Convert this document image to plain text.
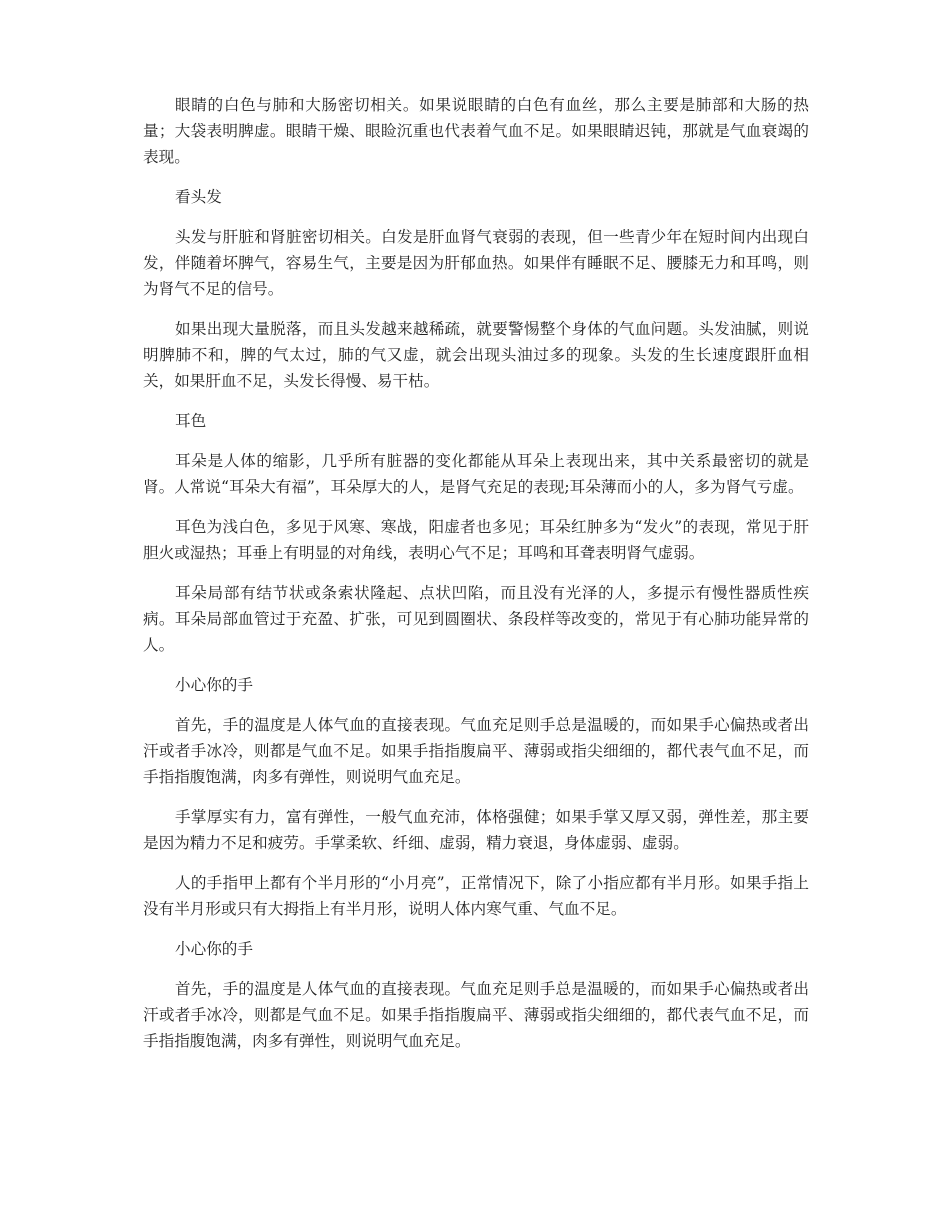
眼睛的白色与肺和大肠密切相关。如果说眼睛的白色有血丝，那么主要是肺部和大肠的热量；大袋表明脾虚。眼睛干燥、眼睑沉重也代表着气血不足。如果眼睛迟钝，那就是气血衰竭的表现。

看头发

头发与肝脏和肾脏密切相关。白发是肝血肾气衰弱的表现，但一些青少年在短时间内出现白发，伴随着坏脾气，容易生气，主要是因为肝郁血热。如果伴有睡眠不足、腰膝无力和耳鸣，则为肾气不足的信号。

如果出现大量脱落，而且头发越来越稀疏，就要警惕整个身体的气血问题。头发油腻，则说明脾肺不和，脾的气太过，肺的气又虚，就会出现头油过多的现象。头发的生长速度跟肝血相关，如果肝血不足，头发长得慢、易干枯。

耳色

耳朵是人体的缩影，几乎所有脏器的变化都能从耳朵上表现出来，其中关系最密切的就是肾。人常说“耳朵大有福”，耳朵厚大的人，是肾气充足的表现;耳朵薄而小的人，多为肾气亏虚。

耳色为浅白色，多见于风寒、寒战，阳虚者也多见；耳朵红肿多为“发火”的表现，常见于肝胆火或湿热；耳垂上有明显的对角线，表明心气不足；耳鸣和耳聋表明肾气虚弱。

耳朵局部有结节状或条索状隆起、点状凹陷，而且没有光泽的人，多提示有慢性器质性疾病。耳朵局部血管过于充盈、扩张，可见到圆圈状、条段样等改变的，常见于有心肺功能异常的人。

小心你的手

首先，手的温度是人体气血的直接表现。气血充足则手总是温暖的，而如果手心偏热或者出汗或者手冰冷，则都是气血不足。如果手指指腹扁平、薄弱或指尖细细的，都代表气血不足，而手指指腹饱满，肉多有弹性，则说明气血充足。

手掌厚实有力，富有弹性，一般气血充沛，体格强健；如果手掌又厚又弱，弹性差，那主要是因为精力不足和疲劳。手掌柔软、纤细、虚弱，精力衰退，身体虚弱、虚弱。

人的手指甲上都有个半月形的“小月亮”，正常情况下，除了小指应都有半月形。如果手指上没有半月形或只有大拇指上有半月形，说明人体内寒气重、气血不足。

小心你的手

首先，手的温度是人体气血的直接表现。气血充足则手总是温暖的，而如果手心偏热或者出汗或者手冰冷，则都是气血不足。如果手指指腹扁平、薄弱或指尖细细的，都代表气血不足，而手指指腹饱满，肉多有弹性，则说明气血充足。
